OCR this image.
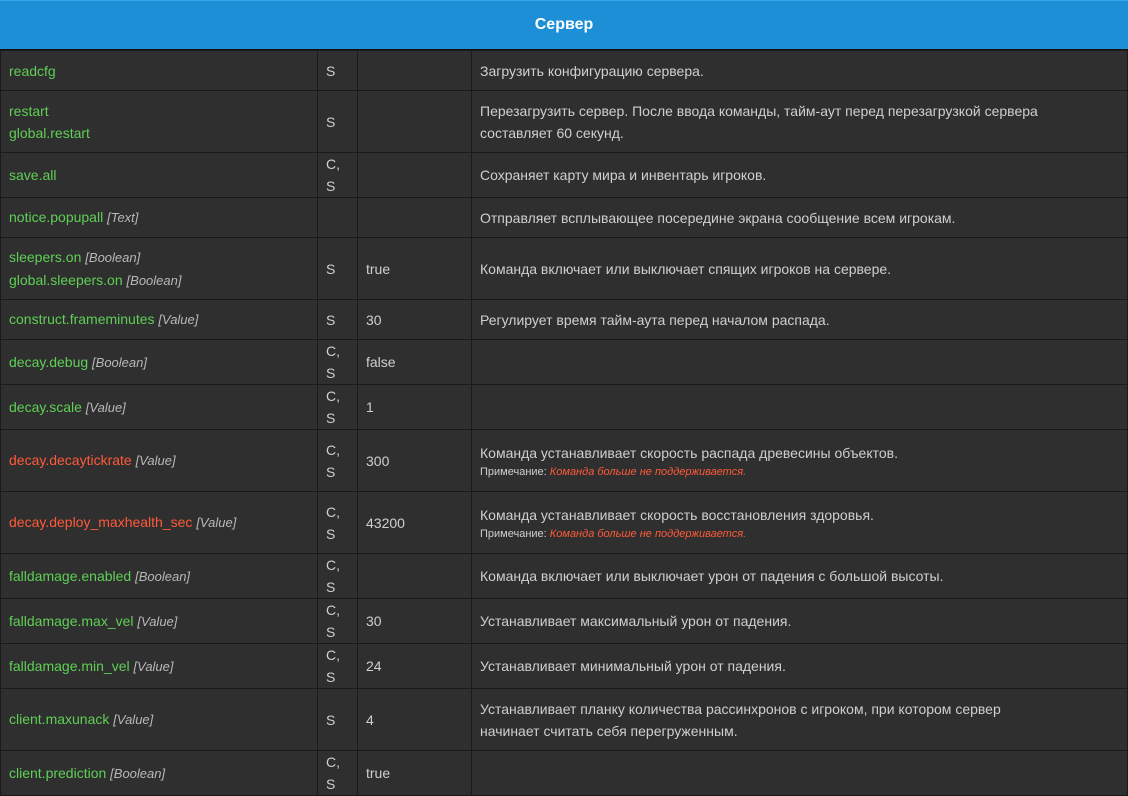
Сервер
readcfg	S		Загрузить конфигурацию сервера.

restart
global.restart	S		Перезагрузить сервер. После ввода команды, тайм-аут перед перезагрузкой сервера
составляет 60 секунд.

save.all	C, S		Сохраняет карту мира и инвентарь игроков.
notice.popupall [Text]			Отправляет всплывающее посередине экрана сообщение всем игрокам.

sleepers.on [Boolean]
global.sleepers.on [Boolean]	S	true	Команда включает или выключает спящих игроков на сервере.
construct.frameminutes [Value]	S	30	Регулирует время тайм-аута перед началом распада.
decay.debug [Boolean]	C, S	false	
decay.scale [Value]	C, S	1	
decay.decaytickrate [Value]	C, S	300	Команда устанавливает скорость распада древесины объектов.
Примечание: Команда больше не поддерживается.

decay.deploy_maxhealth_sec [Value]	C, S	43200	Команда устанавливает скорость восстановления здоровья.
Примечание: Команда больше не поддерживается.

falldamage.enabled [Boolean]	C, S		Команда включает или выключает урон от падения с большой высоты.
falldamage.max_vel [Value]	C, S	30	Устанавливает максимальный урон от падения.
falldamage.min_vel [Value]	C, S	24	Устанавливает минимальный урон от падения.
client.maxunack [Value]	S	4	Устанавливает планку количества рассинхронов с игроком, при котором сервер
начинает считать себя перегруженным.

client.prediction [Boolean]	C, S	true	
